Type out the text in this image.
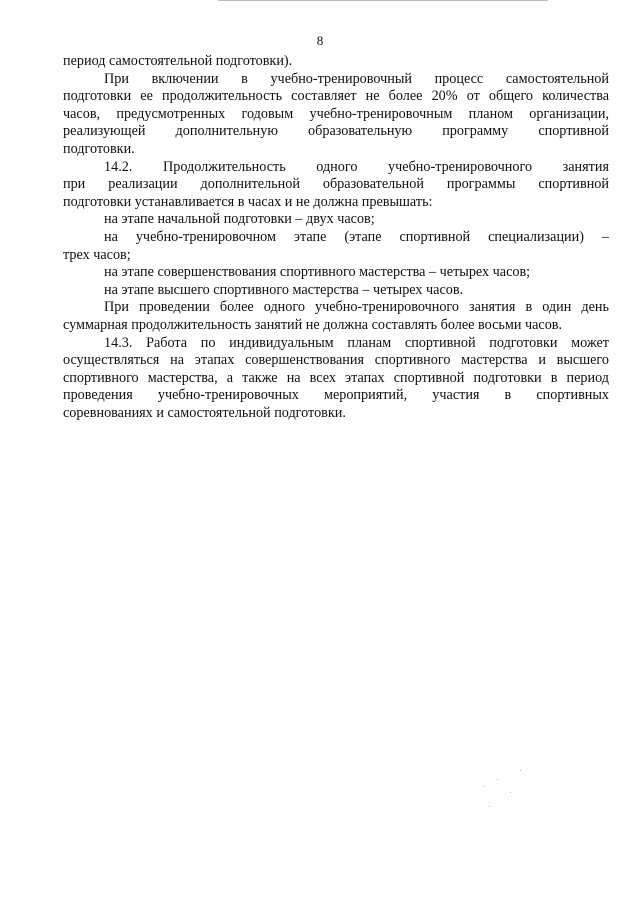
8
период самостоятельной подготовки).
При включении в учебно-тренировочный процесс самостоятельной
подготовки ее продолжительность составляет не более 20% от общего количества
часов, предусмотренных годовым учебно-тренировочным планом организации,
реализующей дополнительную образовательную программу спортивной
подготовки.
14.2. Продолжительность одного учебно-тренировочного занятия
при реализации дополнительной образовательной программы спортивной
подготовки устанавливается в часах и не должна превышать:
на этапе начальной подготовки – двух часов;
на учебно-тренировочном этапе (этапе спортивной специализации) –
трех часов;
на этапе совершенствования спортивного мастерства – четырех часов;
на этапе высшего спортивного мастерства – четырех часов.
При проведении более одного учебно-тренировочного занятия в один день
суммарная продолжительность занятий не должна составлять более восьми часов.
14.3. Работа по индивидуальным планам спортивной подготовки может
осуществляться на этапах совершенствования спортивного мастерства и высшего
спортивного мастерства, а также на всех этапах спортивной подготовки в период
проведения учебно-тренировочных мероприятий, участия в спортивных
соревнованиях и самостоятельной подготовки.
